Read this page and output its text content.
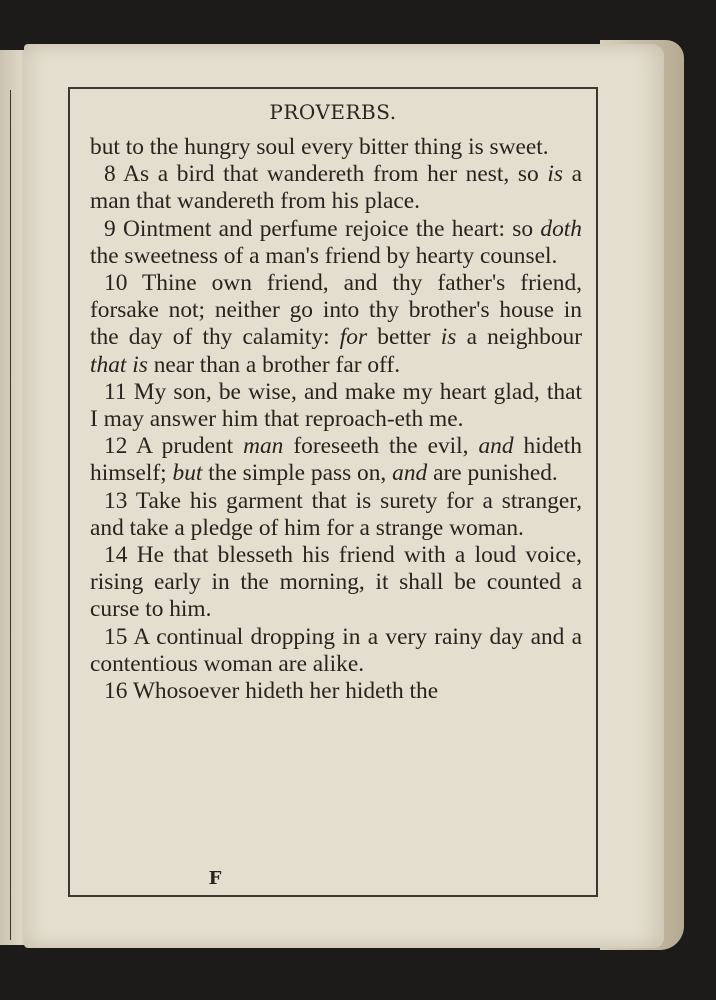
PROVERBS.

but to the hungry soul every bitter thing is sweet.

8 As a bird that wandereth from her nest, so is a man that wandereth from his place.

9 Ointment and perfume rejoice the heart: so doth the sweetness of a man's friend by hearty counsel.

10 Thine own friend, and thy father's friend, forsake not; neither go into thy brother's house in the day of thy calamity: for better is a neighbour that is near than a brother far off.

11 My son, be wise, and make my heart glad, that I may answer him that reproach-eth me.

12 A prudent man foreseeth the evil, and hideth himself; but the simple pass on, and are punished.

13 Take his garment that is surety for a stranger, and take a pledge of him for a strange woman.

14 He that blesseth his friend with a loud voice, rising early in the morning, it shall be counted a curse to him.

15 A continual dropping in a very rainy day and a contentious woman are alike.

16 Whosoever hideth her hideth the

F
